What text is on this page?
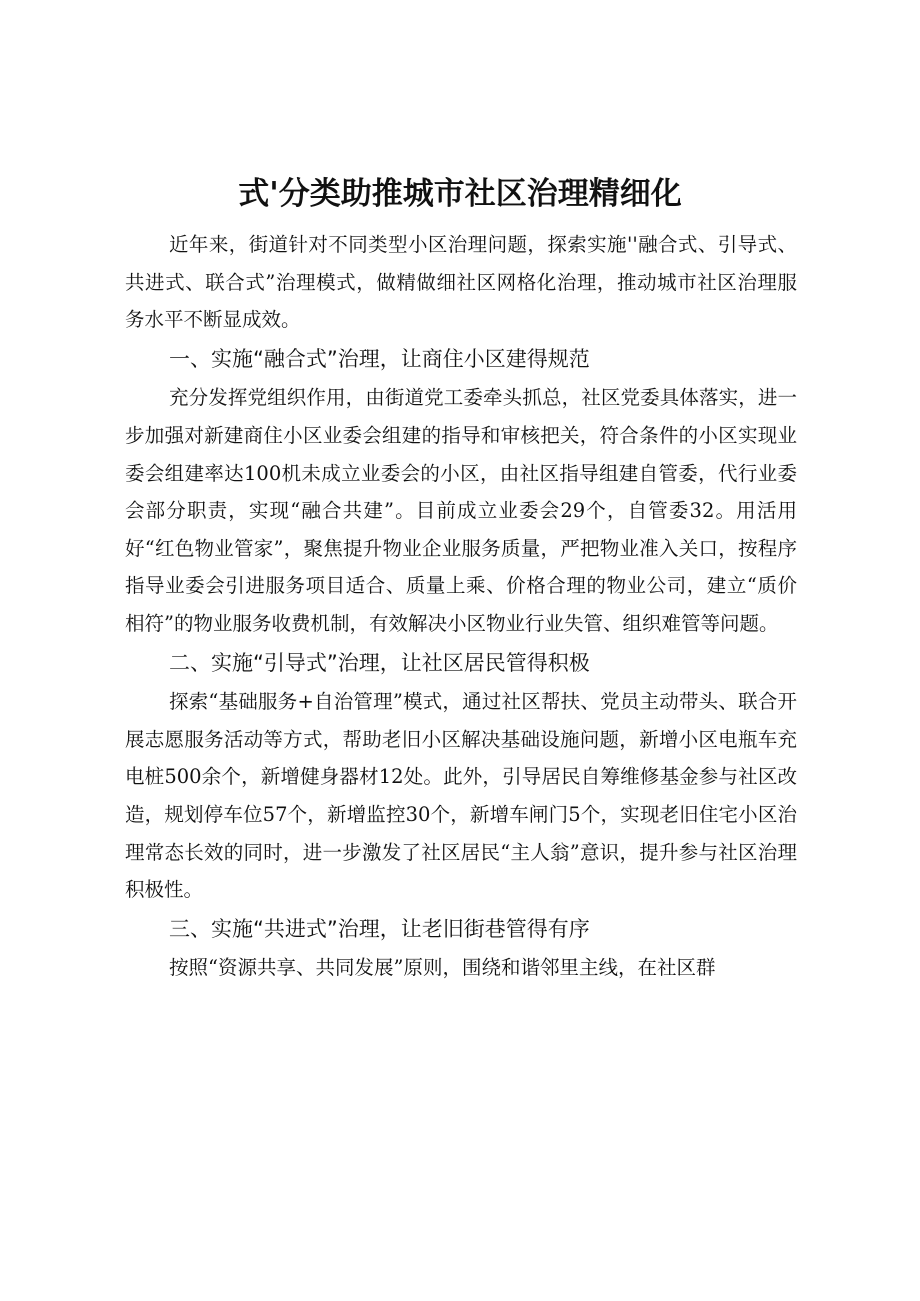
式'分类助推城市社区治理精细化

近年来，街道针对不同类型小区治理问题，探索实施''融合式、引导式、共进式、联合式”治理模式，做精做细社区网格化治理，推动城市社区治理服务水平不断显成效。

一、实施“融合式”治理，让商住小区建得规范

充分发挥党组织作用，由街道党工委牵头抓总，社区党委具体落实，进一步加强对新建商住小区业委会组建的指导和审核把关，符合条件的小区实现业委会组建率达100机未成立业委会的小区，由社区指导组建自管委，代行业委会部分职责，实现“融合共建”。目前成立业委会29个，自管委32。用活用好“红色物业管家”，聚焦提升物业企业服务质量，严把物业准入关口，按程序指导业委会引进服务项目适合、质量上乘、价格合理的物业公司，建立“质价相符”的物业服务收费机制，有效解决小区物业行业失管、组织难管等问题。

二、实施“引导式”治理，让社区居民管得积极

探索“基础服务+自治管理”模式，通过社区帮扶、党员主动带头、联合开展志愿服务活动等方式，帮助老旧小区解决基础设施问题，新增小区电瓶车充电桩500余个，新增健身器材12处。此外，引导居民自筹维修基金参与社区改造，规划停车位57个，新增监控30个，新增车闸门5个，实现老旧住宅小区治理常态长效的同时，进一步激发了社区居民“主人翁”意识，提升参与社区治理积极性。

三、实施“共进式”治理，让老旧街巷管得有序

按照“资源共享、共同发展”原则，围绕和谐邻里主线，在社区群
